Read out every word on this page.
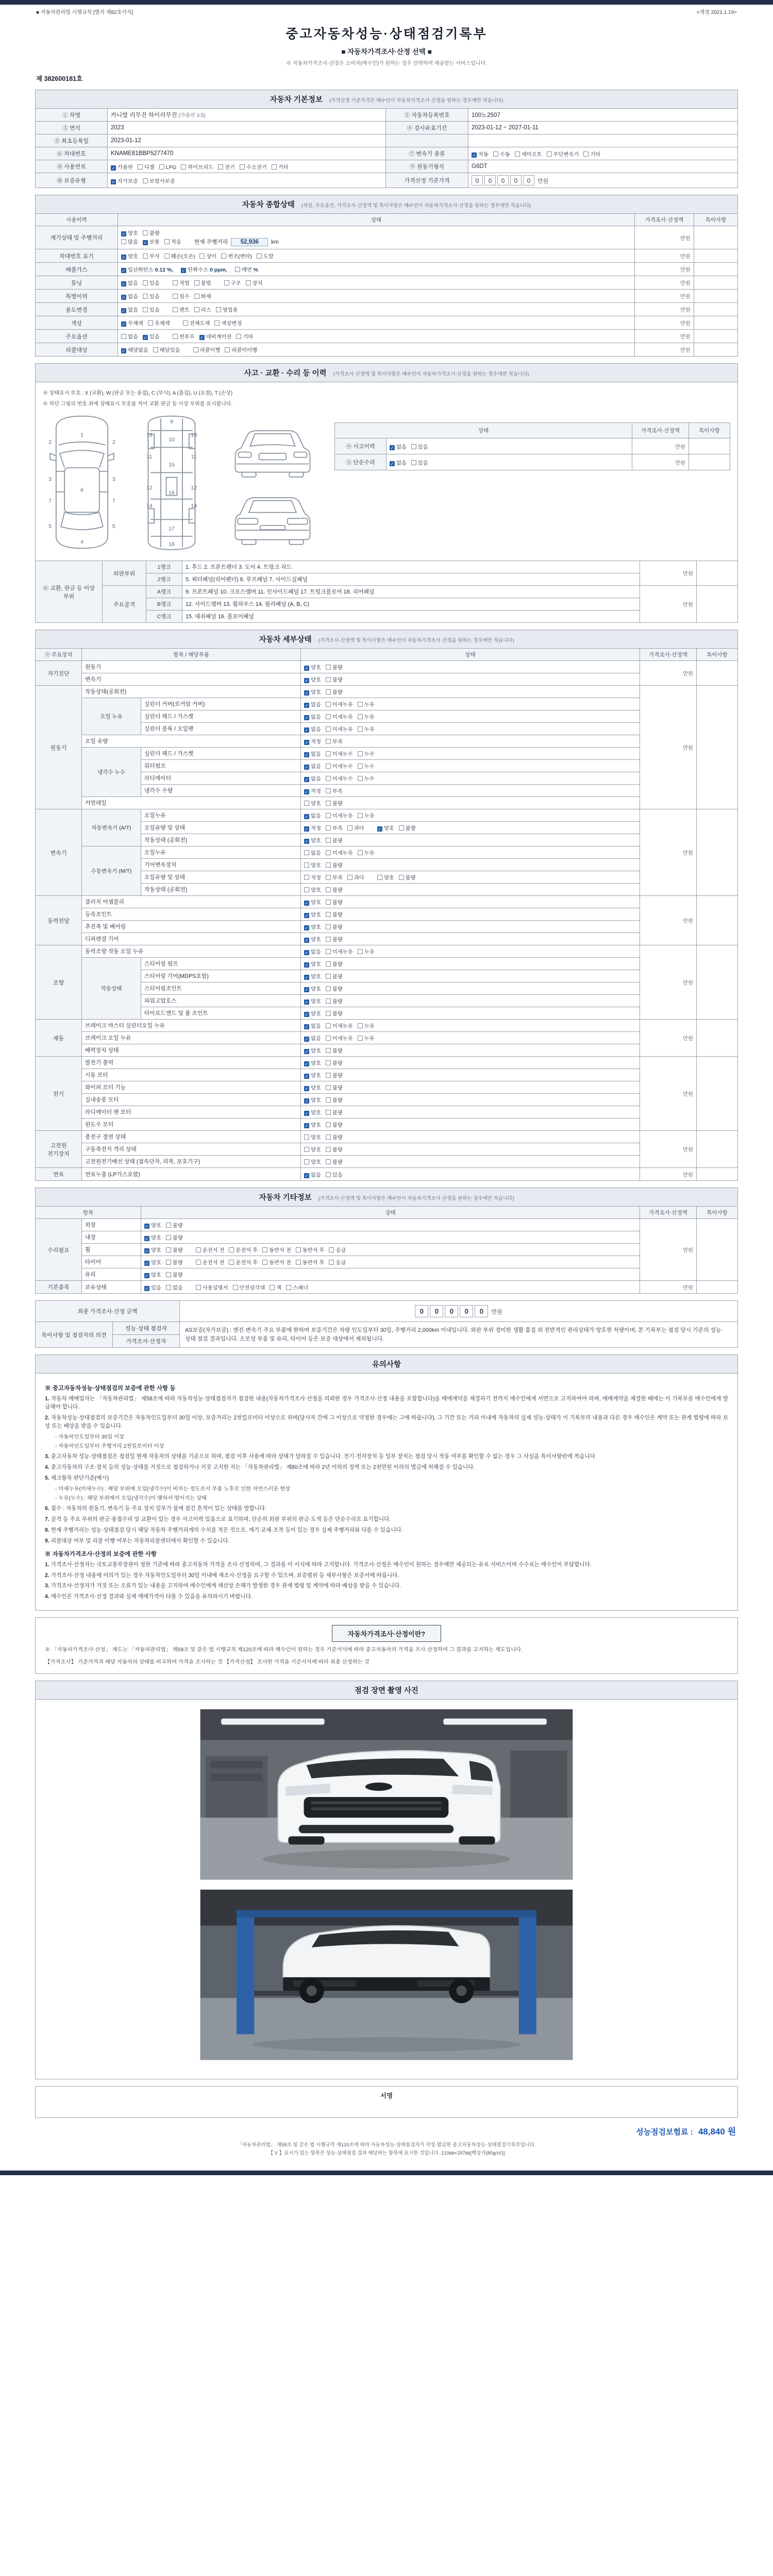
■ 자동차관리법 시행규칙 [별지 제82호서식]	<개정 2021.1.19>
중고자동차성능·상태점검기록부
■ 자동차가격조사·산정 선택 ■
※ 자동차가격조사·산정은 소비자(매수인)가 원하는 경우 선택하여 제공받는 서비스입니다.
제 382600181호
자동차 기본정보 (가격산정 기준가격은 매수인이 자동차가격조사·산정을 원하는 경우에만 적습니다)			
① 차명	카니발 리무진 하이리무진 (가솔린 3.5)	② 자동차등록번호	100노2507
③ 연식	2023	④ 검사유효기간	2023-01-12 ~ 2027-01-11
⑤ 최초등록일	2023-01-12		
⑥ 차대번호	KNAME81BBP5277470	⑦ 변속기 종류	✓ 자동 수동 세미오토 무단변속기 기타
⑧ 사용연료	✓ 가솔린 디젤 LPG 하이브리드 전기 수소전기 기타	⑨ 원동기형식	G6DT
⑩ 보증유형	✓ 자가보증 보험사보증	가격산정 기준가격	0 0 0 0 0 만원
자동차 종합상태 (색상, 주요옵션, 가격조사·산정액 및 특이사항은 매수인이 자동차가격조사·산정을 원하는 경우에만 적습니다)			
사용이력	상태	가격조사·산정액	특이사항
계기상태 및 주행거리	✓ 양호 불량
많음 ✓ 보통 적음 현재 주행거리 52,936 km	만원	
차대번호 표기	✓ 양호 부식 훼손(오손) 상이 변조(변타) 도말	만원	
배출가스	✓ 일산화탄소 0.12 %, ✓ 탄화수소 0 ppm, 매연 %	만원	
튜닝	✓ 없음 있음 적법 불법 구조 장치	만원	
특별이력	✓ 없음 있음 침수 화재	만원	
용도변경	✓ 없음 있음 렌트 리스 영업용	만원	
색상	✓ 무채색 유채색 전체도색 색상변경	만원	
주요옵션	없음 ✓ 있음 썬루프 ✓ 네비게이션 기타	만원	
리콜대상	✓ 해당없음 해당있음 리콜이행 리콜미이행	만원	
사고 · 교환 · 수리 등 이력 (가격조사·산정액 및 특이사항은 매수인이 자동차가격조사·산정을 원하는 경우에만 적습니다)

※ 상태표시 부호 : X (교환), W (판금 또는 용접), C (부식), A (흠집), U (요철), T (손상)
※ 하단 그림의 번호 위에 상태표시 부호를 적어 교환·판금 등 이상 부위를 표시합니다.
1
2	2
3	3
6
7	7
5	5
4
9
10
13	13
11	11
15
12	12
16
14	14
17
18
상태	가격조사·산정액	특이사항
④ 사고이력	✓ 없음 있음	만원	
⑤ 단순수리	✓ 없음 있음	만원	
⑥ 교환, 판금 등 이상 부위	외판부위	1랭크	1. 후드 2. 프론트펜더 3. 도어 4. 트렁크 리드	만원	
		2랭크	5. 쿼터패널(리어펜더) 6. 루프패널 7. 사이드실패널		
	주요골격	A랭크	9. 프론트패널 10. 크로스멤버 11. 인사이드패널 17. 트렁크플로어 18. 리어패널	만원	
		B랭크	12. 사이드멤버 13. 휠하우스 14. 필러패널 (A, B, C)		
		C랭크	15. 대쉬패널 16. 플로어패널		
자동차 세부상태 (가격조사·산정액 및 특이사항은 매수인이 자동차가격조사·산정을 원하는 경우에만 적습니다)					
⑨ 주요장치	항목 / 해당부품		상태	가격조사·산정액	특이사항
자기진단	원동기		✓ 양호 불량	만원	
	변속기		✓ 양호 불량		
원동기	작동상태(공회전)		✓ 양호 불량	만원	
	오일 누유	실린더 커버(로커암 커버)	✓ 없음 미세누유 누유		
		실린더 헤드 / 가스켓	✓ 없음 미세누유 누유		
		실린더 블록 / 오일팬	✓ 없음 미세누유 누유		
	오일 유량		✓ 적정 부족		
	냉각수 누수	실린더 헤드 / 가스켓	✓ 없음 미세누수 누수		
		워터펌프	✓ 없음 미세누수 누수		
		라디에이터	✓ 없음 미세누수 누수		
		냉각수 수량	✓ 적정 부족		
	커먼레일		양호 불량		
변속기	자동변속기 (A/T)	오일누유	✓ 없음 미세누유 누유	만원	
		오일유량 및 상태	✓ 적정 부족 과다 ✓ 양호 불량		
		작동상태 (공회전)	✓ 양호 불량		
	수동변속기 (M/T)	오일누유	없음 미세누유 누유		
		기어변속장치	양호 불량		
		오일유량 및 상태	적정 부족 과다 양호 불량		
		작동상태 (공회전)	양호 불량		
동력전달	클러치 어셈블리		✓ 양호 불량	만원	
	등속조인트		✓ 양호 불량		
	추진축 및 베어링		✓ 양호 불량		
	디퍼렌셜 기어		✓ 양호 불량		
조향	동력조향 작동 오일 누유		✓ 없음 미세누유 누유	만원	
	작동상태	스티어링 펌프	✓ 양호 불량		
		스티어링 기어(MDPS포함)	✓ 양호 불량		
		스티어링조인트	✓ 양호 불량		
		파워고압호스	✓ 양호 불량		
		타이로드엔드 및 볼 조인트	✓ 양호 불량		
제동	브레이크 마스터 실린더오일 누유		✓ 없음 미세누유 누유	만원	
	브레이크 오일 누유		✓ 없음 미세누유 누유		
	배력장치 상태		✓ 양호 불량		
전기	발전기 출력		✓ 양호 불량	만원	
	시동 모터		✓ 양호 불량		
	와이퍼 모터 기능		✓ 양호 불량		
	실내송풍 모터		✓ 양호 불량		
	라디에이터 팬 모터		✓ 양호 불량		
	윈도우 모터		✓ 양호 불량		
고전원 전기장치	충전구 절연 상태		양호 불량	만원	
	구동축전지 격리 상태		양호 불량		
	고전원전기배선 상태 (접속단자, 피복, 보호기구)		양호 불량		
연료	연료누출 (LP가스포함)		✓ 없음 있음	만원	
자동차 기타정보 (가격조사·산정액 및 특이사항은 매수인이 자동차가격조사·산정을 원하는 경우에만 적습니다)				
항목		상태	가격조사·산정액	특이사항
수리필요	외장	✓ 양호 불량	만원	
	내장	✓ 양호 불량		
	휠	✓ 양호 불량 운전석 전 운전석 후 동반석 전 동반석 후 응급		
	타이어	✓ 양호 불량 운전석 전 운전석 후 동반석 전 동반석 후 응급		
	유리	✓ 양호 불량		
기본품목	보유상태	✓ 있음 없음 사용설명서 안전삼각대 잭 스패너	만원	
최종 가격조사·산정 금액	0 0 0 0 0 만원
특이사항 및 점검자의 의견	성능·상태 점검자	AS보증(자가보증) : 엔진·변속기 주요 부품에 한하며 보증기간은 차량 인도일부터 30일, 주행거리 2,000km 이내입니다. 외판 부위 경미한 생활 흠집 외 전반적인 관리상태가 양호한 차량이며, 본 기록부는 점검 당시 기준의 성능·상태 점검 결과입니다. 소모성 부품 및 유리, 타이어 등은 보증 대상에서 제외됩니다.
가격조사·산정자
유의사항
※ 중고자동차성능·상태점검의 보증에 관한 사항 등
1. 자동차 매매업자는 「자동차관리법」 제58조에 따라 자동차성능·상태점검자가 점검한 내용(자동차가격조사·산정을 의뢰한 경우 가격조사·산정 내용을 포함합니다)을 매매계약을 체결하기 전까지 매수인에게 서면으로 고지하여야 하며, 매매계약을 체결한 때에는 이 기록부를 매수인에게 발급해야 합니다.
2. 자동차성능·상태점검의 보증기간은 자동차인도일부터 30일 이상, 보증거리는 2천킬로미터 이상으로 하며(당사자 간에 그 이상으로 약정한 경우에는 그에 따릅니다), 그 기간 또는 거리 이내에 자동차의 실제 성능·상태가 이 기록부의 내용과 다른 경우 매수인은 계약 또는 관계 법령에 따라 보상 또는 배상을 받을 수 있습니다.
- 자동차인도일부터 30일 이상
- 자동차인도일부터 주행거리 2천킬로미터 이상
3. 중고자동차 성능·상태점검은 점검일 현재 자동차의 상태를 기준으로 하며, 점검 이후 사용에 따라 상태가 달라질 수 있습니다. 전기·전자장치 등 일부 장치는 점검 당시 작동 여부를 확인할 수 없는 경우 그 사실을 특이사항란에 적습니다.
4. 중고자동차의 구조·장치 등의 성능·상태를 거짓으로 점검하거나 거짓 고지한 자는 「자동차관리법」 제80조에 따라 2년 이하의 징역 또는 2천만원 이하의 벌금에 처해질 수 있습니다.
5. 체크항목 판단기준(예시)
- 미세누유(미세누수) : 해당 부위에 오일(냉각수)이 비치는 정도로서 부품 노후로 인한 자연스러운 현상
- 누유(누수) : 해당 부위에서 오일(냉각수)이 맺혀서 떨어지는 상태
6. 침수 : 자동차의 원동기, 변속기 등 주요 장치 일부가 물에 잠긴 흔적이 있는 상태를 말합니다.
7. 골격 등 주요 부위의 판금·용접수리 및 교환이 있는 경우 사고이력 있음으로 표기하며, 단순히 외판 부위의 판금·도색 등은 단순수리로 표기합니다.
8. 현재 주행거리는 성능·상태점검 당시 해당 자동차 주행거리계의 수치를 적은 것으로, 계기 교체·조작 등이 있는 경우 실제 주행거리와 다를 수 있습니다.
9. 리콜대상 여부 및 리콜 이행 여부는 자동차리콜센터에서 확인할 수 있습니다.
※ 자동차가격조사·산정의 보증에 관한 사항
1. 가격조사·산정자는 국토교통부장관이 정한 기준에 따라 중고자동차 가격을 조사·산정하며, 그 결과를 이 서식에 따라 고지합니다. 가격조사·산정은 매수인이 원하는 경우에만 제공되는 유료 서비스이며 수수료는 매수인이 부담합니다.
2. 가격조사·산정 내용에 이의가 있는 경우 자동차인도일부터 30일 이내에 재조사·산정을 요구할 수 있으며, 보증범위 등 세부사항은 보증서에 따릅니다.
3. 가격조사·산정자가 거짓 또는 오류가 있는 내용을 고지하여 매수인에게 재산상 손해가 발생한 경우 관계 법령 및 계약에 따라 배상을 받을 수 있습니다.
4. 매수인은 가격조사·산정 결과와 실제 매매가격이 다를 수 있음을 유의하시기 바랍니다.
자동차가격조사·산정이란?
※ 「자동차가격조사·산정」 제도는 「자동차관리법」 제58조 및 같은 법 시행규칙 제120조에 따라 매수인이 원하는 경우 기준서식에 따라 중고자동차의 가격을 조사·산정하여 그 결과를 고지하는 제도입니다.
【가격조사】 기준가격과 해당 자동차의 상태를 비교하여 가격을 조사하는 것 【가격산정】 조사한 가격을 기준서식에 따라 최종 산정하는 것
점검 장면 촬영 사진

서명
성능점검보험료 : 48,840 원
「자동차관리법」 제58조 및 같은 법 시행규칙 제120조에 따라 자동차성능·상태점검자가 작성·발급한 중고자동차성능·상태점검기록부입니다.
【 V 】표시가 있는 항목은 성능·상태점검 결과 해당하는 항목에 표시한 것입니다. 210㎜×297㎜[백상지(80g/㎡)]
